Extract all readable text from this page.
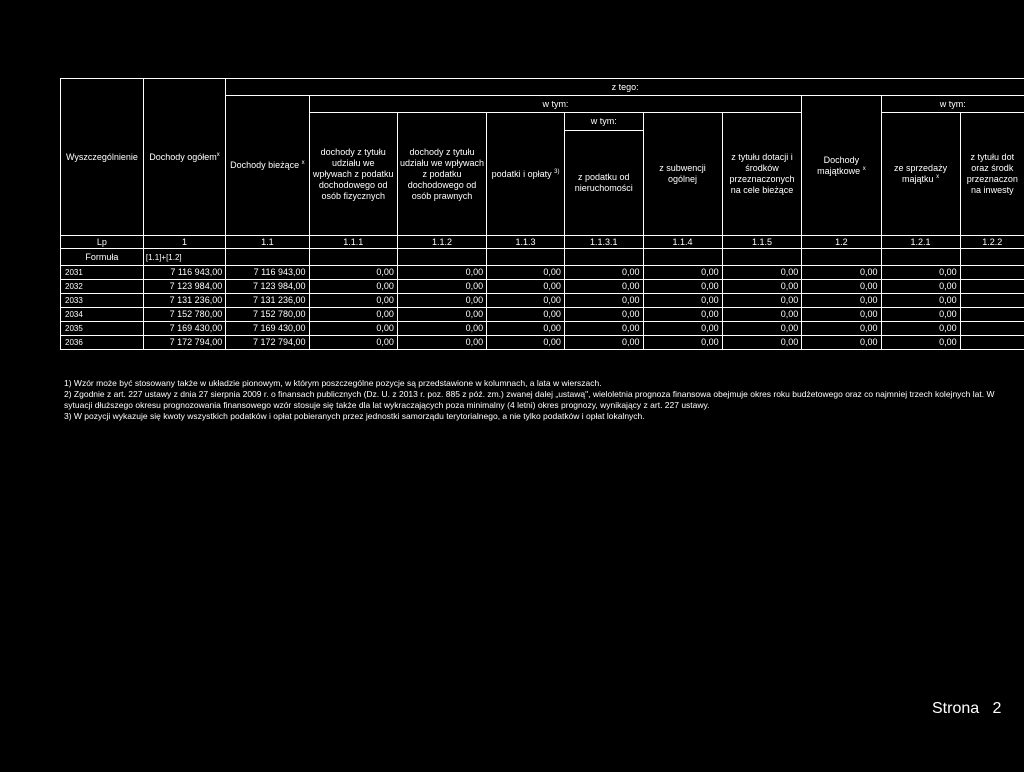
Wyszczególnienie	Dochody ogółem$^x$	z tego:									
		Dochody bieżące $^x$	w tym:						Dochody majątkowe $^x$	w tym:	
			dochody z tytułu udziału we wpływach z podatku dochodowego od osób fizycznych	dochody z tytułu udziału we wpływach z podatku dochodowego od osób prawnych	podatki i opłaty $^{3)}$	w tym:	z subwencji ogólnej	z tytułu dotacji i środków przeznaczonych na cele bieżące		ze sprzedaży majątku $^x$	z tytułu dot oraz środk przeznaczon na inwesty
						z podatku od nieruchomości					
Lp	1	1.1	1.1.1	1.1.2	1.1.3	1.1.3.1	1.1.4	1.1.5	1.2	1.2.1	1.2.2
Formuła	[1.1]+[1.2]										
2031	7 116 943,00	7 116 943,00	0,00	0,00	0,00	0,00	0,00	0,00	0,00	0,00	
2032	7 123 984,00	7 123 984,00	0,00	0,00	0,00	0,00	0,00	0,00	0,00	0,00	
2033	7 131 236,00	7 131 236,00	0,00	0,00	0,00	0,00	0,00	0,00	0,00	0,00	
2034	7 152 780,00	7 152 780,00	0,00	0,00	0,00	0,00	0,00	0,00	0,00	0,00	
2035	7 169 430,00	7 169 430,00	0,00	0,00	0,00	0,00	0,00	0,00	0,00	0,00	
2036	7 172 794,00	7 172 794,00	0,00	0,00	0,00	0,00	0,00	0,00	0,00	0,00	

1) Wzór może być stosowany także w układzie pionowym, w którym poszczególne pozycje są przedstawione w kolumnach, a lata w wierszach.

2) Zgodnie z art. 227 ustawy z dnia 27 sierpnia 2009 r. o finansach publicznych (Dz. U. z 2013 r. poz. 885 z póź. zm.) zwanej dalej „ustawą", wieloletnia prognoza finansowa obejmuje okres roku budżetowego oraz co najmniej trzech kolejnych lat. W sytuacji dłuższego okresu prognozowania finansowego wzór stosuje się także dla lat wykraczających poza minimalny (4 letni) okres prognozy, wynikający z art. 227 ustawy.

3) W pozycji wykazuje się kwoty wszystkich podatków i opłat pobieranych przez jednostki samorządu terytorialnego, a nie tylko podatków i opłat lokalnych.

Strona 2
